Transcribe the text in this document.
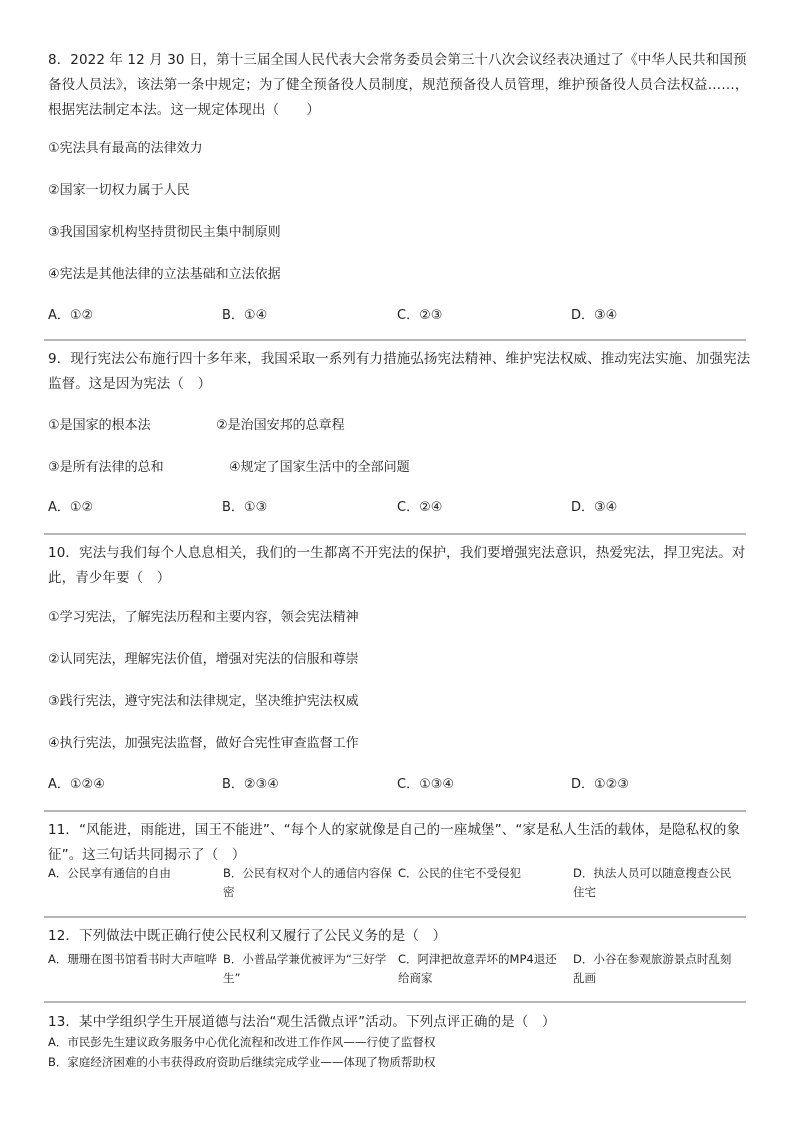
8．2022 年 12 月 30 日，第十三届全国人民代表大会常务委员会第三十八次会议经表决通过了《中华人民共和国预备役人员法》，该法第一条中规定；为了健全预备役人员制度，规范预备役人员管理，维护预备役人员合法权益……，根据宪法制定本法。这一规定体现出（　　）
①宪法具有最高的法律效力
②国家一切权力属于人民
③我国国家机构坚持贯彻民主集中制原则
④宪法是其他法律的立法基础和立法依据
A．①②	B．①④	C．②③	D．③④
9．现行宪法公布施行四十多年来，我国采取一系列有力措施弘扬宪法精神、维护宪法权威、推动宪法实施、加强宪法监督。这是因为宪法（　）
①是国家的根本法	②是治国安邦的总章程
③是所有法律的总和	④规定了国家生活中的全部问题
A．①②	B．①③	C．②④	D．③④
10．宪法与我们每个人息息相关，我们的一生都离不开宪法的保护，我们要增强宪法意识，热爱宪法，捍卫宪法。对此，青少年要（　）
①学习宪法，了解宪法历程和主要内容，领会宪法精神
②认同宪法，理解宪法价值，增强对宪法的信服和尊崇
③践行宪法，遵守宪法和法律规定，坚决维护宪法权威
④执行宪法，加强宪法监督，做好合宪性审查监督工作
A．①②④	B．②③④	C．①③④	D．①②③
11．“风能进，雨能进，国王不能进”、“每个人的家就像是自己的一座城堡”、“家是私人生活的载体，是隐私权的象征”。这三句话共同揭示了（　）
A．公民享有通信的自由	B．公民有权对个人的通信内容保密
C．公民的住宅不受侵犯	D．执法人员可以随意搜查公民住宅
12．下列做法中既正确行使公民权利又履行了公民义务的是（　）
A．珊珊在图书馆看书时大声喧哗 B．小普品学兼优被评为“三好学生”
C．阿津把故意弄坏的MP4退还给商家
D．小谷在参观旅游景点时乱刻乱画
13．某中学组织学生开展道德与法治“观生活微点评”活动。下列点评正确的是（　）
A．市民彭先生建议政务服务中心优化流程和改进工作作风——行使了监督权
B．家庭经济困难的小韦获得政府资助后继续完成学业——体现了物质帮助权
